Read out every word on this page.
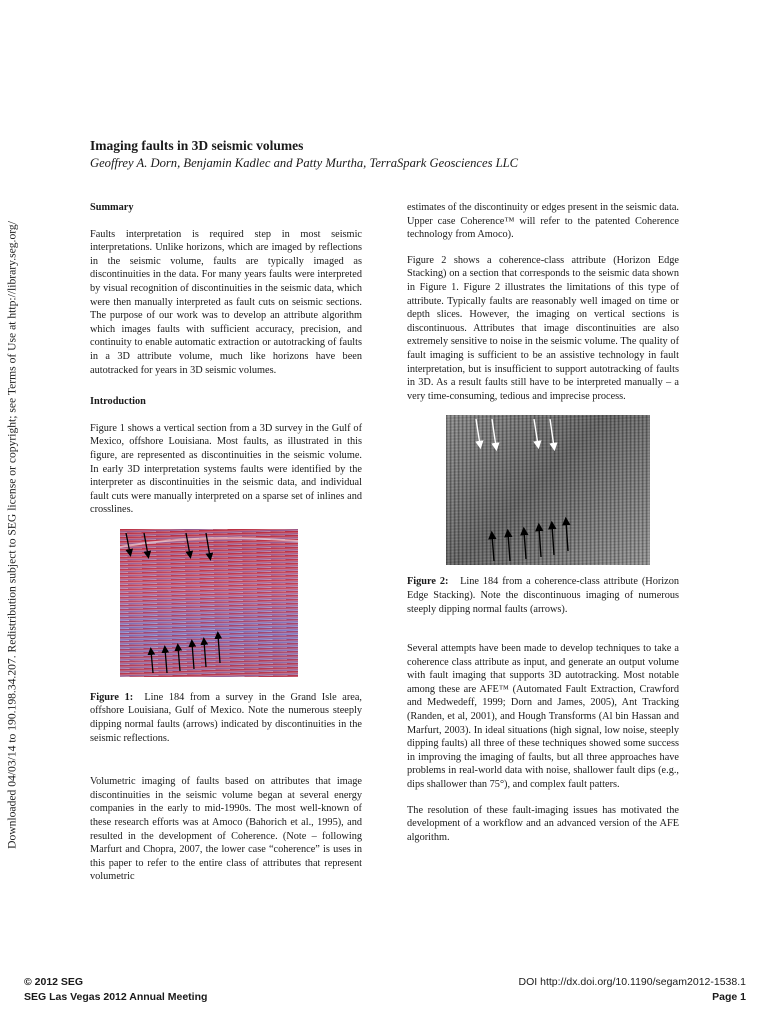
Downloaded 04/03/14 to 190.198.34.207. Redistribution subject to SEG license or copyright; see Terms of Use at http://library.seg.org/
Imaging faults in 3D seismic volumes

Geoffrey A. Dorn, Benjamin Kadlec and Patty Murtha, TerraSpark Geosciences LLC

Summary

Faults interpretation is required step in most seismic interpretations. Unlike horizons, which are imaged by reflections in the seismic volume, faults are typically imaged as discontinuities in the data. For many years faults were interpreted by visual recognition of discontinuities in the seismic data, which were then manually interpreted as fault cuts on seismic sections. The purpose of our work was to develop an attribute algorithm which images faults with sufficient accuracy, precision, and continuity to enable automatic extraction or autotracking of faults in a 3D attribute volume, much like horizons have been autotracked for years in 3D seismic volumes.

Introduction

Figure 1 shows a vertical section from a 3D survey in the Gulf of Mexico, offshore Louisiana. Most faults, as illustrated in this figure, are represented as discontinuities in the seismic volume. In early 3D interpretation systems faults were identified by the interpreter as discontinuities in the seismic data, and individual fault cuts were manually interpreted on a sparse set of inlines and crosslines.

Figure 1: Line 184 from a survey in the Grand Isle area, offshore Louisiana, Gulf of Mexico. Note the numerous steeply dipping normal faults (arrows) indicated by discontinuities in the seismic reflections.

Volumetric imaging of faults based on attributes that image discontinuities in the seismic volume began at several energy companies in the early to mid-1990s. The most well-known of these research efforts was at Amoco (Bahorich et al., 1995), and resulted in the development of Coherence. (Note – following Marfurt and Chopra, 2007, the lower case “coherence” is uses in this paper to refer to the entire class of attributes that represent volumetric

estimates of the discontinuity or edges present in the seismic data. Upper case Coherence™ will refer to the patented Coherence technology from Amoco).

Figure 2 shows a coherence-class attribute (Horizon Edge Stacking) on a section that corresponds to the seismic data shown in Figure 1. Figure 2 illustrates the limitations of this type of attribute. Typically faults are reasonably well imaged on time or depth slices. However, the imaging on vertical sections is discontinuous. Attributes that image discontinuities are also extremely sensitive to noise in the seismic volume. The quality of fault imaging is sufficient to be an assistive technology in fault interpretation, but is insufficient to support autotracking of faults in 3D. As a result faults still have to be interpreted manually – a very time-consuming, tedious and imprecise process.

Figure 2: Line 184 from a coherence-class attribute (Horizon Edge Stacking). Note the discontinuous imaging of numerous steeply dipping normal faults (arrows).

Several attempts have been made to develop techniques to take a coherence class attribute as input, and generate an output volume with fault imaging that supports 3D autotracking. Most notable among these are AFE™ (Automated Fault Extraction, Crawford and Medwedeff, 1999; Dorn and James, 2005), Ant Tracking (Randen, et al, 2001), and Hough Transforms (Al bin Hassan and Marfurt, 2003). In ideal situations (high signal, low noise, steeply dipping faults) all three of these techniques showed some success in improving the imaging of faults, but all three approaches have problems in real-world data with noise, shallower fault dips (e.g., dips shallower than 75°), and complex fault patters.

The resolution of these fault-imaging issues has motivated the development of a workflow and an advanced version of the AFE algorithm.

© 2012 SEG
SEG Las Vegas 2012 Annual Meeting
DOI http://dx.doi.org/10.1190/segam2012-1538.1
Page 1
